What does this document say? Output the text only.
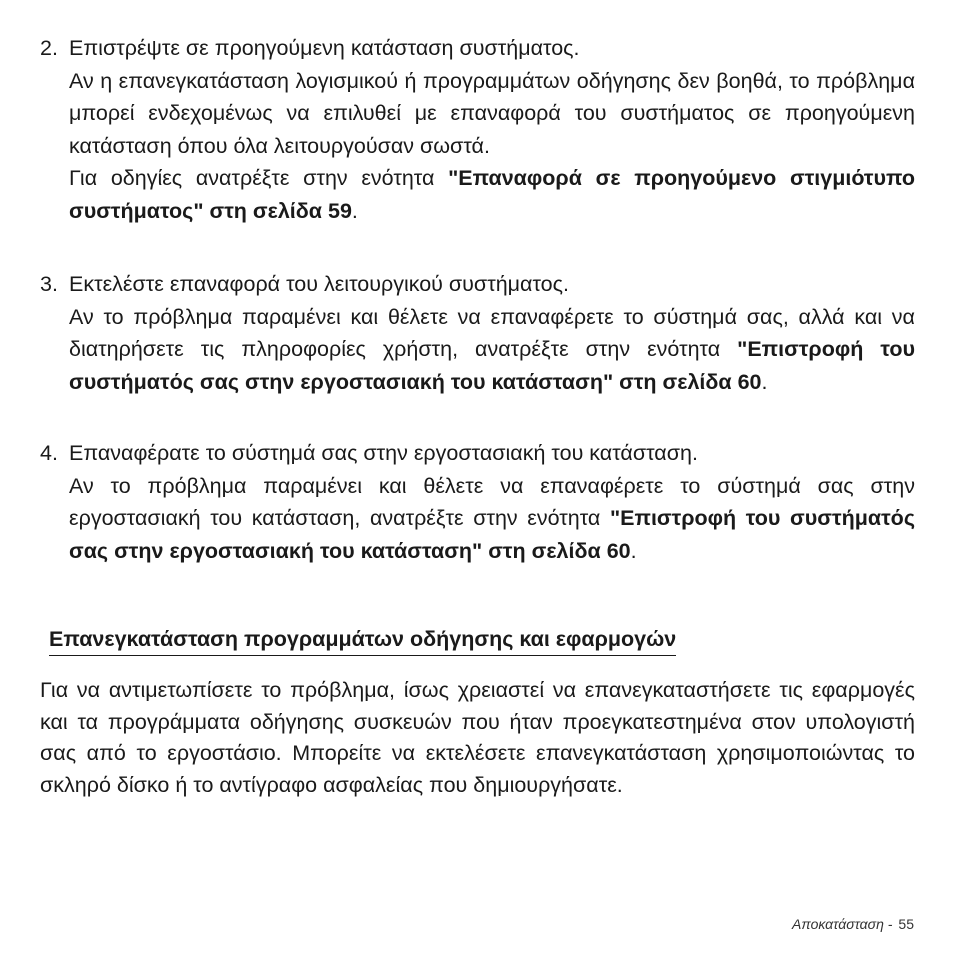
2. Επιστρέψτε σε προηγούμενη κατάσταση συστήματος.
Αν η επανεγκατάσταση λογισμικού ή προγραμμάτων οδήγησης δεν βοηθά, το πρόβλημα μπορεί ενδεχομένως να επιλυθεί με επαναφορά του συστήματος σε προηγούμενη κατάσταση όπου όλα λειτουργούσαν σωστά.
Για οδηγίες ανατρέξτε στην ενότητα "Επαναφορά σε προηγούμενο στιγμιότυπο συστήματος" στη σελίδα 59.
3. Εκτελέστε επαναφορά του λειτουργικού συστήματος.
Αν το πρόβλημα παραμένει και θέλετε να επαναφέρετε το σύστημά σας, αλλά και να διατηρήσετε τις πληροφορίες χρήστη, ανατρέξτε στην ενότητα "Επιστροφή του συστήματός σας στην εργοστασιακή του κατάσταση" στη σελίδα 60.
4. Επαναφέρατε το σύστημά σας στην εργοστασιακή του κατάσταση.
Αν το πρόβλημα παραμένει και θέλετε να επαναφέρετε το σύστημά σας στην εργοστασιακή του κατάσταση, ανατρέξτε στην ενότητα "Επιστροφή του συστήματός σας στην εργοστασιακή του κατάσταση" στη σελίδα 60.
Επανεγκατάσταση προγραμμάτων οδήγησης και εφαρμογών
Για να αντιμετωπίσετε το πρόβλημα, ίσως χρειαστεί να επανεγκαταστήσετε τις εφαρμογές και τα προγράμματα οδήγησης συσκευών που ήταν προεγκατεστημένα στον υπολογιστή σας από το εργοστάσιο. Μπορείτε να εκτελέσετε επανεγκατάσταση χρησιμοποιώντας το σκληρό δίσκο ή το αντίγραφο ασφαλείας που δημιουργήσατε.
Αποκατάσταση - 55
